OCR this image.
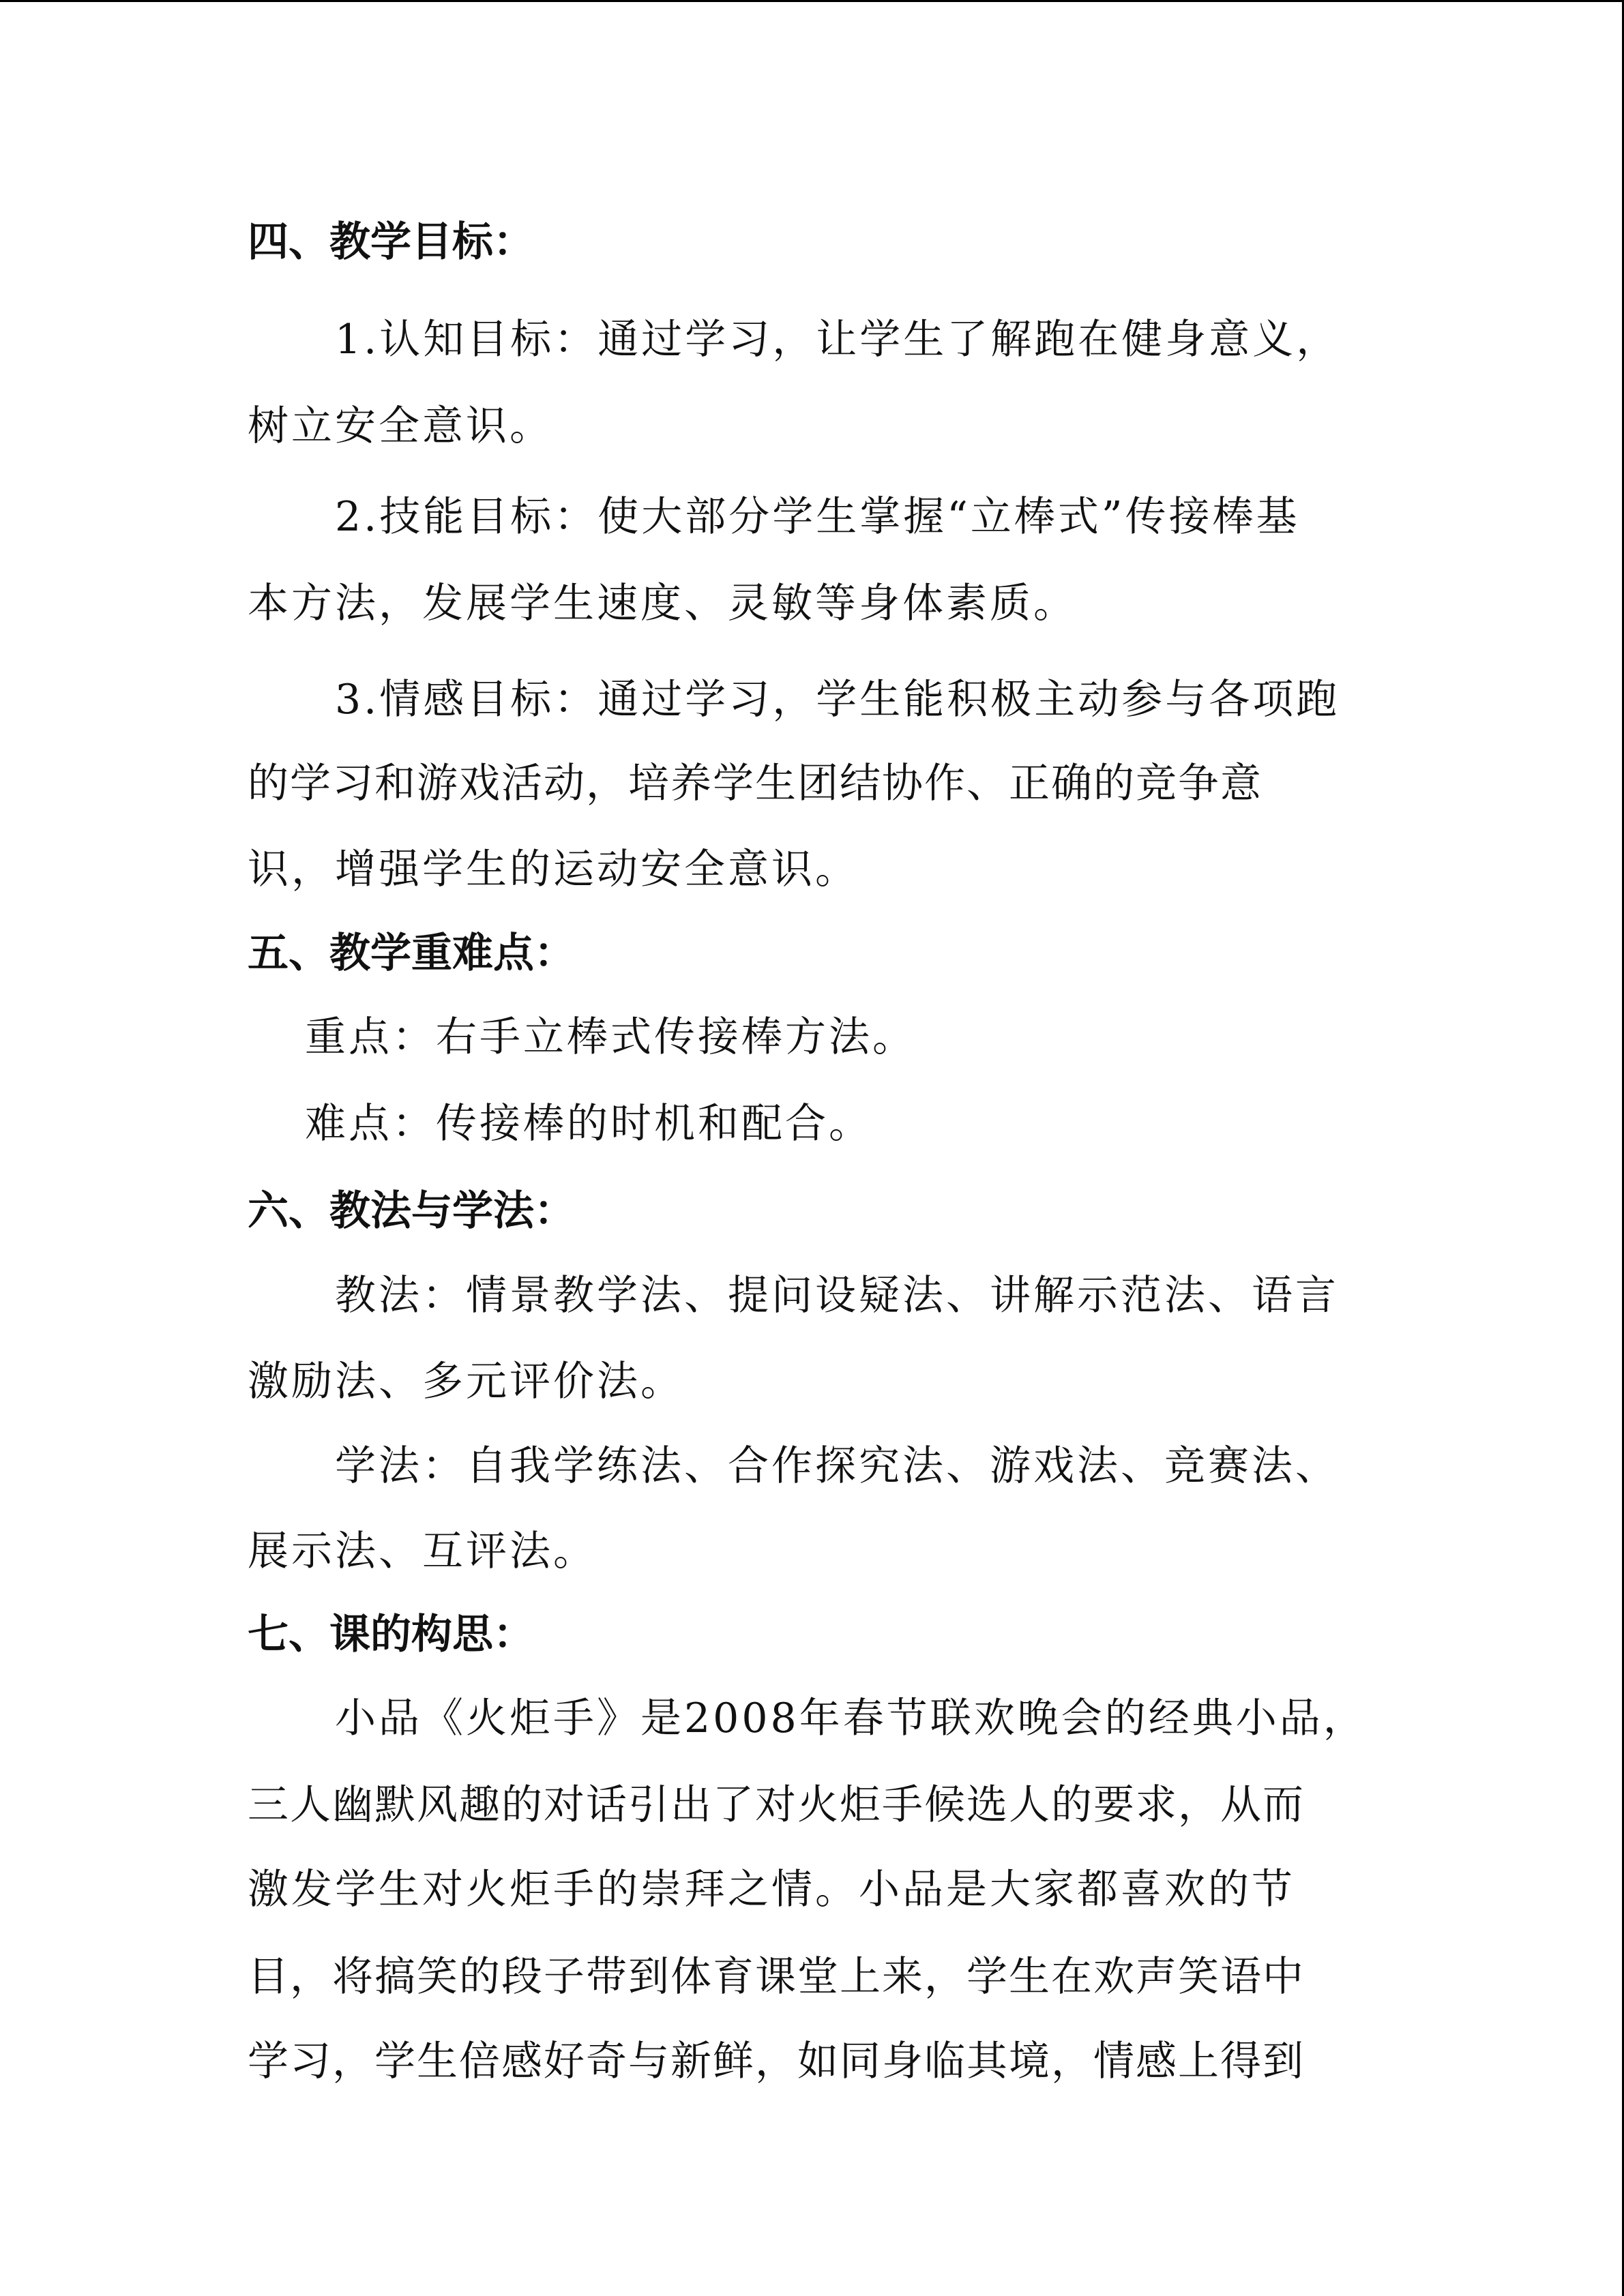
四、教学目标：
1.认知目标：通过学习，让学生了解跑在健身意义，
树立安全意识。
2.技能目标：使大部分学生掌握“立棒式”传接棒基
本方法，发展学生速度、灵敏等身体素质。
3.情感目标：通过学习，学生能积极主动参与各项跑
的学习和游戏活动，培养学生团结协作、正确的竞争意
识，增强学生的运动安全意识。
五、教学重难点：
重点：右手立棒式传接棒方法。
难点：传接棒的时机和配合。
六、教法与学法：
教法：情景教学法、提问设疑法、讲解示范法、语言
激励法、多元评价法。
学法：自我学练法、合作探究法、游戏法、竞赛法、
展示法、互评法。
七、课的构思：
小品《火炬手》是2008年春节联欢晚会的经典小品，
三人幽默风趣的对话引出了对火炬手候选人的要求，从而
激发学生对火炬手的崇拜之情。小品是大家都喜欢的节
目，将搞笑的段子带到体育课堂上来，学生在欢声笑语中
学习，学生倍感好奇与新鲜，如同身临其境，情感上得到
